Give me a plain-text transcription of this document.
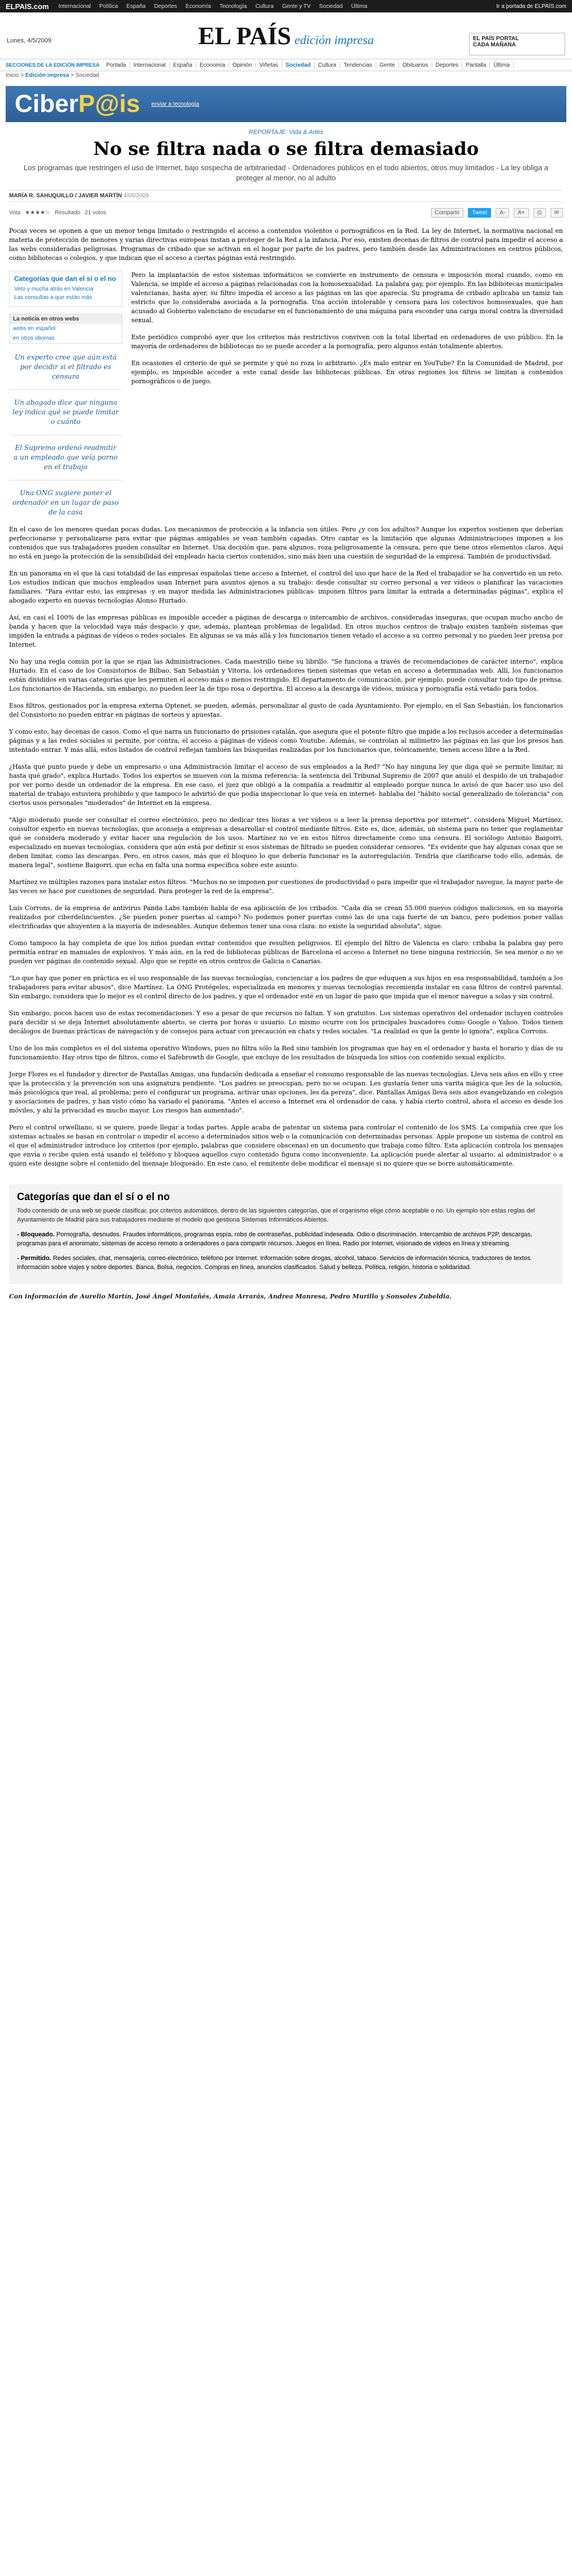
ELPAIS.com	Internacional	Política	España	Deportes	Economía	Tecnología	Cultura	Gente y TV	Sociedad	Última	Ir a portada de ELPAÍS.com
Lunes, 4/5/2009	EL PAÍS edición impresa	EL PAÍS PORTAL
CADA MAÑANA
SECCIONES DE LA EDICIÓN IMPRESA	Portada	Internacional	España	Economía	Opinión	Viñetas	Sociedad	Cultura	Tendencias	Gente	Obituarios	Deportes	Pantalla	Última
Inicio > Edición impresa > Sociedad
CiberP@is enviar a tecnología
REPORTAJE: Vida & Artes
No se filtra nada o se filtra demasiado
Los programas que restringen el uso de Internet, bajo sospecha de arbitrariedad - Ordenadores públicos en el todo abiertos, otros muy limitados - La ley obliga a proteger al menor, no al adulto
MARÍA R. SAHUQUILLO / JAVIER MARTÍN 4/05/2009
Vota ★★★★☆ Resultado 21 votos	Compartir	Tweet	A-	A+	⎙	✉

Pocas veces se oponen a que un menor tenga limitado o restringido el acceso a contenidos violentos o pornográficos en la Red. La ley de Internet, la normativa nacional en materia de protección de menores y varias directivas europeas instan a proteger de la Red a la infancia. Por eso, existen decenas de filtros de control para impedir el acceso a las webs consideradas peligrosas. Programas de cribado que se activan en el hogar por parte de los padres, pero también desde las Administraciones en centros públicos, como bibliotecas o colegios, y que indican que el acceso a ciertas páginas está restringido.

Categorías que dan el sí o el no
Veto y mucha atrás en Valencia
Las consultas a que están más
La noticia en otros webs
webs en español
en otros idiomas
Un experto cree que aún está por decidir si el filtrado es censura
Un abogado dice que ninguna ley indica qué se puede limitar o cuánto
El Supremo ordenó readmitir a un empleado que veía porno en el trabajo
Una ONG sugiere poner el ordenador en un lugar de paso de la casa

Pero la implantación de estos sistemas informáticos se convierte en instrumento de censura e imposición moral cuando, como en Valencia, se impide el acceso a páginas relacionadas con la homosexualidad. La palabra gay, por ejemplo. En las bibliotecas municipales valencianas, hasta ayer, su filtro impedía el acceso a las páginas en las que aparecía. Su programa de cribado aplicaba un tamiz tan estricto que lo consideraba asociada a la pornografía. Una acción intolerable y censora para los colectivos homosexuales, que han acusado al Gobierno valenciano de escudarse en el funcionamiento de una máquina para esconder una carga moral contra la diversidad sexual.

Este periódico comprobó ayer que los criterios más restrictivos conviven con la total libertad en ordenadores de uso público. En la mayoría de ordenadores de bibliotecas no se puede acceder a la pornografía, pero algunos están totalmente abiertos.

En ocasiones el criterio de qué se permite y qué no roza lo arbitrario. ¿Es malo entrar en YouTube? En la Comunidad de Madrid, por ejemplo, es imposible acceder a este canal desde las bibliotecas públicas. En otras regiones los filtros se limitan a contenidos pornográficos o de juego.

En el caso de los menores quedan pocas dudas. Los mecanismos de protección a la infancia son útiles. Pero ¿y con los adultos? Aunque los expertos sostienen que deberían perfeccionarse y personalizarse para evitar que páginas amigables se vean también capadas. Otro cantar es la limitación que algunas Administraciones imponen a los contenidos que sus trabajadores pueden consultar en Internet. Una decisión que, para algunos, roza peligrosamente la censura, pero que tiene otros elementos claros. Aquí no está en juego la protección de la sensibilidad del empleado hacia ciertos contenidos, sino más bien una cuestión de seguridad de la empresa. También de productividad.

En un panorama en el que la casi totalidad de las empresas españolas tiene acceso a Internet, el control del uso que hace de la Red el trabajador se ha convertido en un reto. Los estudios indican que muchos empleados usan Internet para asuntos ajenos a su trabajo: desde consultar su correo personal a ver vídeos o planificar las vacaciones familiares. "Para evitar esto, las empresas -y en mayor medida las Administraciones públicas- imponen filtros para limitar la entrada a determinadas páginas", explica el abogado experto en nuevas tecnologías Alonso Hurtado.

Así, en casi el 100% de las empresas públicas es imposible acceder a páginas de descarga o intercambio de archivos, consideradas inseguras, que ocupan mucho ancho de banda y hacen que la velocidad vaya más despacio y que, además, plantean problemas de legalidad. En otros muchos centros de trabajo existen también sistemas que impiden la entrada a páginas de vídeos o redes sociales. En algunas se va más allá y los funcionarios tienen vetado el acceso a su correo personal y no pueden leer prensa por Internet.

No hay una regla común por la que se rijan las Administraciones. Cada maestrillo tiene su librillo. "Se funciona a través de recomendaciones de carácter interno", explica Hurtado. En el caso de los Consistorios de Bilbao, San Sebastián y Vitoria, los ordenadores tienen sistemas que vetan en acceso a determinadas web. Allí, los funcionarios están divididos en varias categorías que les permiten el acceso más o menos restringido. El departamento de comunicación, por ejemplo, puede consultar todo tipo de prensa. Los funcionarios de Hacienda, sin embargo, no pueden leer la de tipo rosa o deportiva. El acceso a la descarga de vídeos, música y pornografía está vetado para todos.

Esos filtros, gestionados por la empresa externa Optenet, se pueden, además, personalizar al gusto de cada Ayuntamiento. Por ejemplo, en el San Sebastián, los funcionarios del Consistorio no pueden entrar en páginas de sorteos y apuestas.

Y como esto, hay decenas de casos. Como el que narra un funcionario de prisiones catalán, que asegura que el potente filtro que impide a los reclusos acceder a determinadas páginas y a las redes sociales si permite, por contra, el acceso a páginas de vídeos como Youtube. Además, se controlan al milímetro las páginas en las que los presos han intentado entrar. Y más allá, estos listados de control reflejan también las búsquedas realizadas por los funcionarios que, teóricamente, tienen acceso libre a la Red.

¿Hasta qué punto puede y debe un empresario o una Administración limitar el acceso de sus empleados a la Red? "No hay ninguna ley que diga qué se permite limitar, ni hasta qué grado", explica Hurtado. Todos los expertos se mueven con la misma referencia: la sentencia del Tribunal Supremo de 2007 que anuló el despido de un trabajador por ver porno desde un ordenador de la empresa. En ese caso, el juez que obligó a la compañía a readmitir al empleado porque nunca le avisó de que hacer uso uso del material de trabajo estuviera prohibido y que tampoco le advirtió de que podía inspeccionar lo que veía en internet- hablaba del "hábito social generalizado de tolerancia" con ciertos usos personales "moderados" de Internet en la empresa.

"Algo moderado puede ser consultar el correo electrónico, pero no dedicar tres horas a ver vídeos o a leer la prensa deportiva por internet", considera Miguel Martínez, consultor experto en nuevas tecnologías, que aconseja a empresas a desarrollar el control mediante filtros. Este es, dice, además, un sistema para no tener que reglamentar qué se considera moderado y evitar hacer una regulación de los usos. Martínez no ve en estos filtros directamente como una censura. El sociólogo Antonio Baigorri, especializado en nuevas tecnologías, considera que aún está por definir si esos sistemas de filtrado se pueden considerar censores. "Es evidente que hay algunas cosas que se deben limitar, como las descargas. Pero, en otros casos, más que el bloqueo lo que debería funcionar es la autorregulación. Tendría que clarificarse todo ello, además, de manera legal", sostiene Baigorri, que echa en falta una norma específica sobre este asunto.

Martínez ve múltiples razones para instalar estos filtros. "Muchos no se imponen por cuestiones de productividad o para impedir que el trabajador navegue, la mayor parte de las veces se hace por cuestiones de seguridad. Para proteger la red de la empresa".

Luis Corrons, de la empresa de antivirus Panda Labs también habla de esa aplicación de los cribados. "Cada día se crean 55.000 nuevos códigos maliciosos, en su mayoría realizados por ciberdelincuentes. ¿Se pueden poner puertas al campo? No podemos poner puertas como las de una caja fuerte de un banco, pero podemos poner vallas electrificadas que ahuyenten a la mayoría de indeseables. Aunque debemos tener una cosa clara: no existe la seguridad absoluta", sigue.

Como tampoco la hay completa de que los niños puedan evitar contenidos que resulten peligrosos. El ejemplo del filtro de Valencia es claro: cribaba la palabra gay pero permitía entrar en manuales de explosivos. Y más aún, en la red de bibliotecas públicas de Barcelona el acceso a Internet no tiene ninguna restricción. Se sea menor o no se pueden ver páginas de contenido sexual. Algo que se repite en otros centros de Galicia o Canarias.

"Lo que hay que poner en práctica es el uso responsable de las nuevas tecnologías, concienciar a los padres de que eduquen a sus hijos en esa responsabilidad, también a los trabajadores para evitar abusos", dice Martínez. La ONG Protégeles, especializada en menores y nuevas tecnologías recomienda instalar en casa filtros de control parental. Sin embargo, considera que lo mejor es el control directo de los padres, y que el ordenador esté en un lugar de paso que impida que el menor navegue a solas y sin control.

Sin embargo, pocos hacen uso de estas recomendaciones. Y eso a pesar de que recursos no faltan. Y son gratuitos. Los sistemas operativos del ordenador incluyen controles para decidir si se deja Internet absolutamente abierto, se cierra por horas o usuario. Lo mismo ocurre con los principales buscadores como Google o Yahoo. Todos tienen decálogos de buenas prácticas de navegación y de consejos para actuar con precaución en chats y redes sociales. "La realidad es que la gente lo ignora", explica Corrons.

Uno de los más completos es el del sistema operativo Windows, pues no filtra sólo la Red sino también los programas que hay en el ordenador y hasta el horario y días de su funcionamiento. Hay otros tipo de filtros, como el Safebrowth de Google, que excluye de los resultados de búsqueda los sitios con contenido sexual explícito.

Jorge Flores es el fundador y director de Pantallas Amigas, una fundación dedicada a enseñar el consumo responsable de las nuevas tecnologías. Lleva seis años en ello y cree que la protección y la prevención son una asignatura pendiente. "Los padres se preocupan, pero no se ocupan. Les gustaría tener una varita mágica que les de la solución, más psicológica que real, al problema; pero el configurar un programa, activar unas opciones, les da pereza", dice. Pantallas Amigas lleva seis años evangelizando en colegios y asociaciones de padres, y han visto cómo ha variado el panorama. "Antes el acceso a Internet era el ordenador de casa, y había cierto control, ahora el acceso es desde los móviles, y ahí la privacidad es mucho mayor. Los riesgos han aumentado".

Pero el control orwelliano, si se quiere, puede llegar a todas partes. Apple acaba de patentar un sistema para controlar el contenido de los SMS. La compañía cree que los sistemas actuales se basan en controlar o impedir el acceso a determinados sitios web o la comunicación con determinadas personas. Apple propone un sistema de control en el que el administrador introduce los criterios (por ejemplo, palabras que considere obscenas) en un documento que trabaja como filtro. Esta aplicación controla los mensajes que envía o recibe quien está usando el teléfono y bloquea aquellos cuyo contenido figura como inconveniente. La aplicación puede alertar al usuario, al administrador o a quien este designe sobre el contenido del mensaje bloqueado. En este caso, el remitente debe modificar el mensaje si no quiere que se borre automáticamente.

Categorías que dan el sí o el no

Todo contenido de una web se puede clasificar, por criterios automáticos, dentro de las siguientes categorías, que el organismo elige cómo aceptable o no. Un ejemplo son estas reglas del Ayuntamiento de Madrid para sus trabajadores mediante el modelo que gestiona Sistemas Informáticos Abiertos.

- Bloqueado. Pornografía, desnudos. Fraudes informáticos, programas espía, robo de contraseñas, publicidad indeseada. Odio o discriminación. Intercambio de archivos P2P, descargas, programas para el anonimato, sistemas de acceso remoto a ordenadores o para compartir recursos. Juegos en línea. Radio por Internet, visionado de vídeos en línea y streaming.
- Permitido. Redes sociales, chat, mensajería, correo electrónico, teléfono por Internet. Información sobre drogas, alcohol, tabaco. Servicios de información técnica, traductores de textos. Información sobre viajes y sobre deportes. Banca, Bolsa, negocios. Compras en línea, anuncios clasificados. Salud y belleza. Política, religión, historia o solidaridad.
Con información de Aurelio Martín, José Ángel Montañés, Amaia Arrarás, Andrea Manresa, Pedro Murillo y Sonsoles Zubeldia.
